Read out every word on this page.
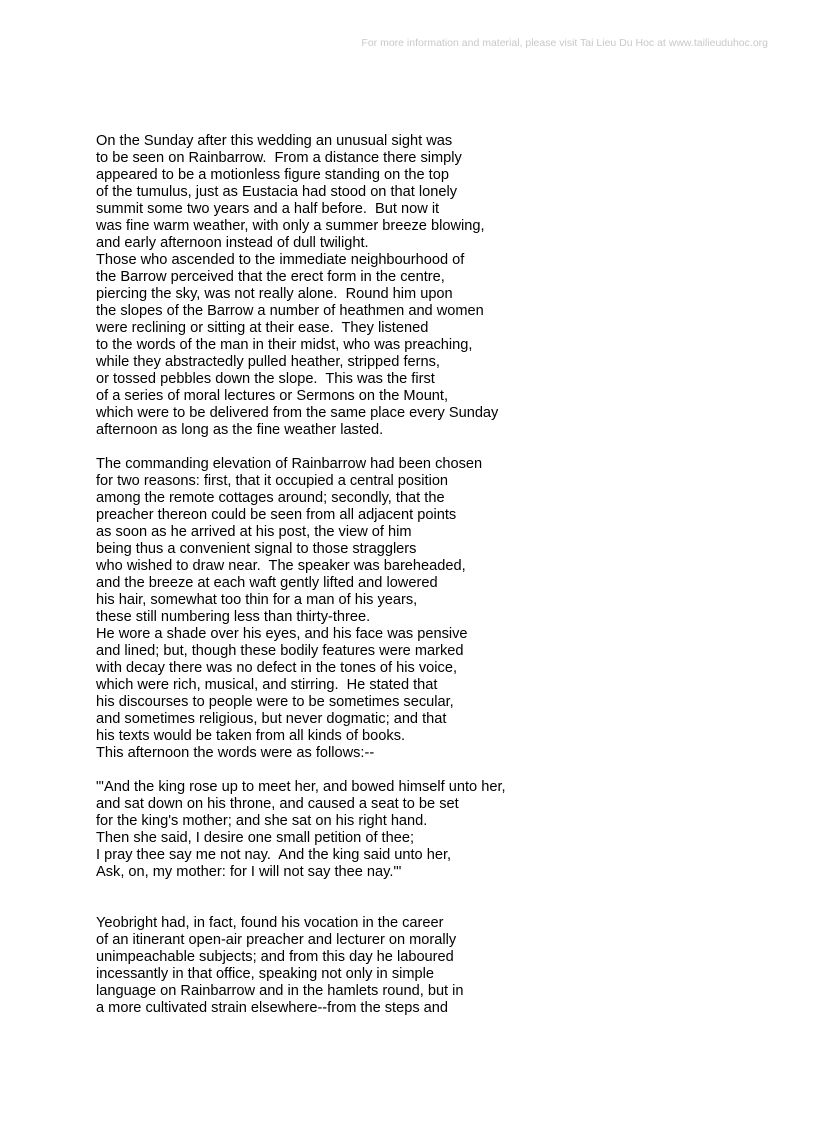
For more information and material, please visit Tai Lieu Du Hoc at www.tailieuduhoc.org
On the Sunday after this wedding an unusual sight was
to be seen on Rainbarrow.  From a distance there simply
appeared to be a motionless figure standing on the top
of the tumulus, just as Eustacia had stood on that lonely
summit some two years and a half before.  But now it
was fine warm weather, with only a summer breeze blowing,
and early afternoon instead of dull twilight.
Those who ascended to the immediate neighbourhood of
the Barrow perceived that the erect form in the centre,
piercing the sky, was not really alone.  Round him upon
the slopes of the Barrow a number of heathmen and women
were reclining or sitting at their ease.  They listened
to the words of the man in their midst, who was preaching,
while they abstractedly pulled heather, stripped ferns,
or tossed pebbles down the slope.  This was the first
of a series of moral lectures or Sermons on the Mount,
which were to be delivered from the same place every Sunday
afternoon as long as the fine weather lasted.
The commanding elevation of Rainbarrow had been chosen
for two reasons: first, that it occupied a central position
among the remote cottages around; secondly, that the
preacher thereon could be seen from all adjacent points
as soon as he arrived at his post, the view of him
being thus a convenient signal to those stragglers
who wished to draw near.  The speaker was bareheaded,
and the breeze at each waft gently lifted and lowered
his hair, somewhat too thin for a man of his years,
these still numbering less than thirty-three.
He wore a shade over his eyes, and his face was pensive
and lined; but, though these bodily features were marked
with decay there was no defect in the tones of his voice,
which were rich, musical, and stirring.  He stated that
his discourses to people were to be sometimes secular,
and sometimes religious, but never dogmatic; and that
his texts would be taken from all kinds of books.
This afternoon the words were as follows:--
"'And the king rose up to meet her, and bowed himself unto her,
and sat down on his throne, and caused a seat to be set
for the king's mother; and she sat on his right hand.
Then she said, I desire one small petition of thee;
I pray thee say me not nay.  And the king said unto her,
Ask, on, my mother: for I will not say thee nay.'"
Yeobright had, in fact, found his vocation in the career
of an itinerant open-air preacher and lecturer on morally
unimpeachable subjects; and from this day he laboured
incessantly in that office, speaking not only in simple
language on Rainbarrow and in the hamlets round, but in
a more cultivated strain elsewhere--from the steps and
